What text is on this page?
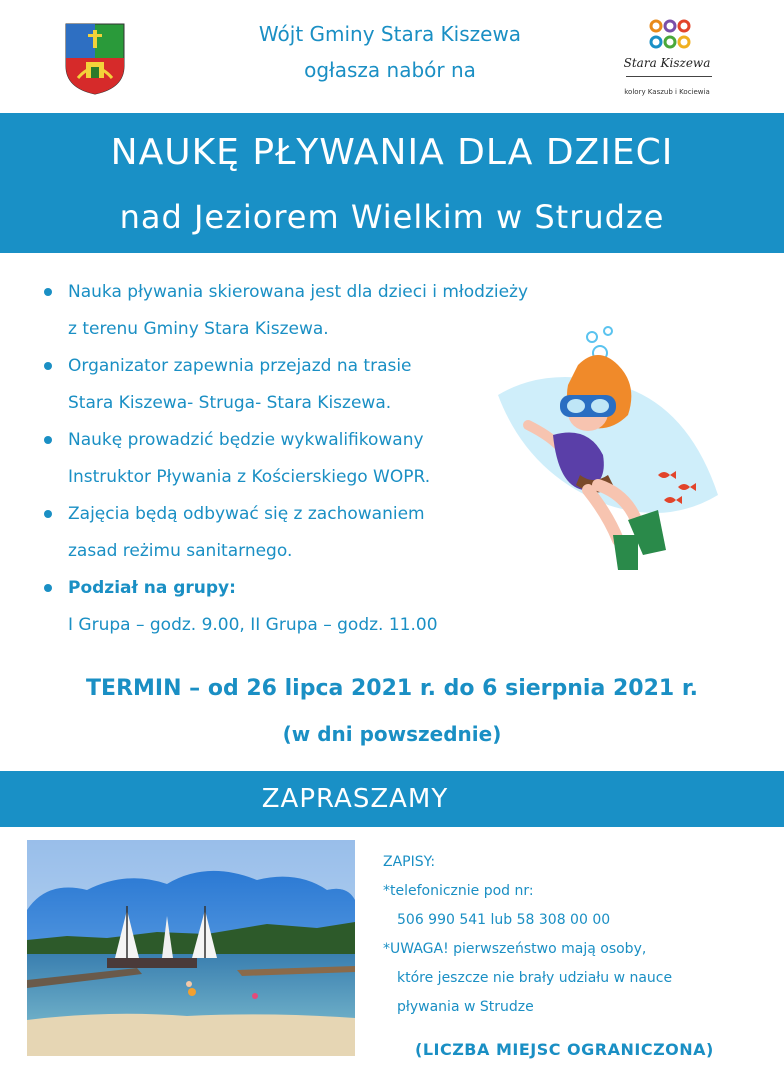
Stara Kiszewa
kolory Kaszub i Kociewia
Wójt Gminy Stara Kiszewa
ogłasza nabór na
NAUKĘ PŁYWANIA DLA DZIECI
nad Jeziorem Wielkim w Strudze
Nauka pływania skierowana jest dla dzieci i młodzieży
z terenu Gminy Stara Kiszewa.
Organizator zapewnia przejazd na trasie
Stara Kiszewa- Struga- Stara Kiszewa.
Naukę prowadzić będzie wykwalifikowany
Instruktor Pływania z Kościerskiego WOPR.
Zajęcia będą odbywać się z zachowaniem
zasad reżimu sanitarnego.
Podział na grupy:
I Grupa – godz. 9.00, II Grupa – godz. 11.00
TERMIN – od 26 lipca 2021 r. do 6 sierpnia 2021 r.
(w dni powszednie)
ZAPRASZAMY
ZAPISY:
*telefonicznie pod nr:
506 990 541 lub 58 308 00 00
*UWAGA! pierwszeństwo mają osoby,
które jeszcze nie brały udziału w nauce
pływania w Strudze
(LICZBA MIEJSC OGRANICZONA)
